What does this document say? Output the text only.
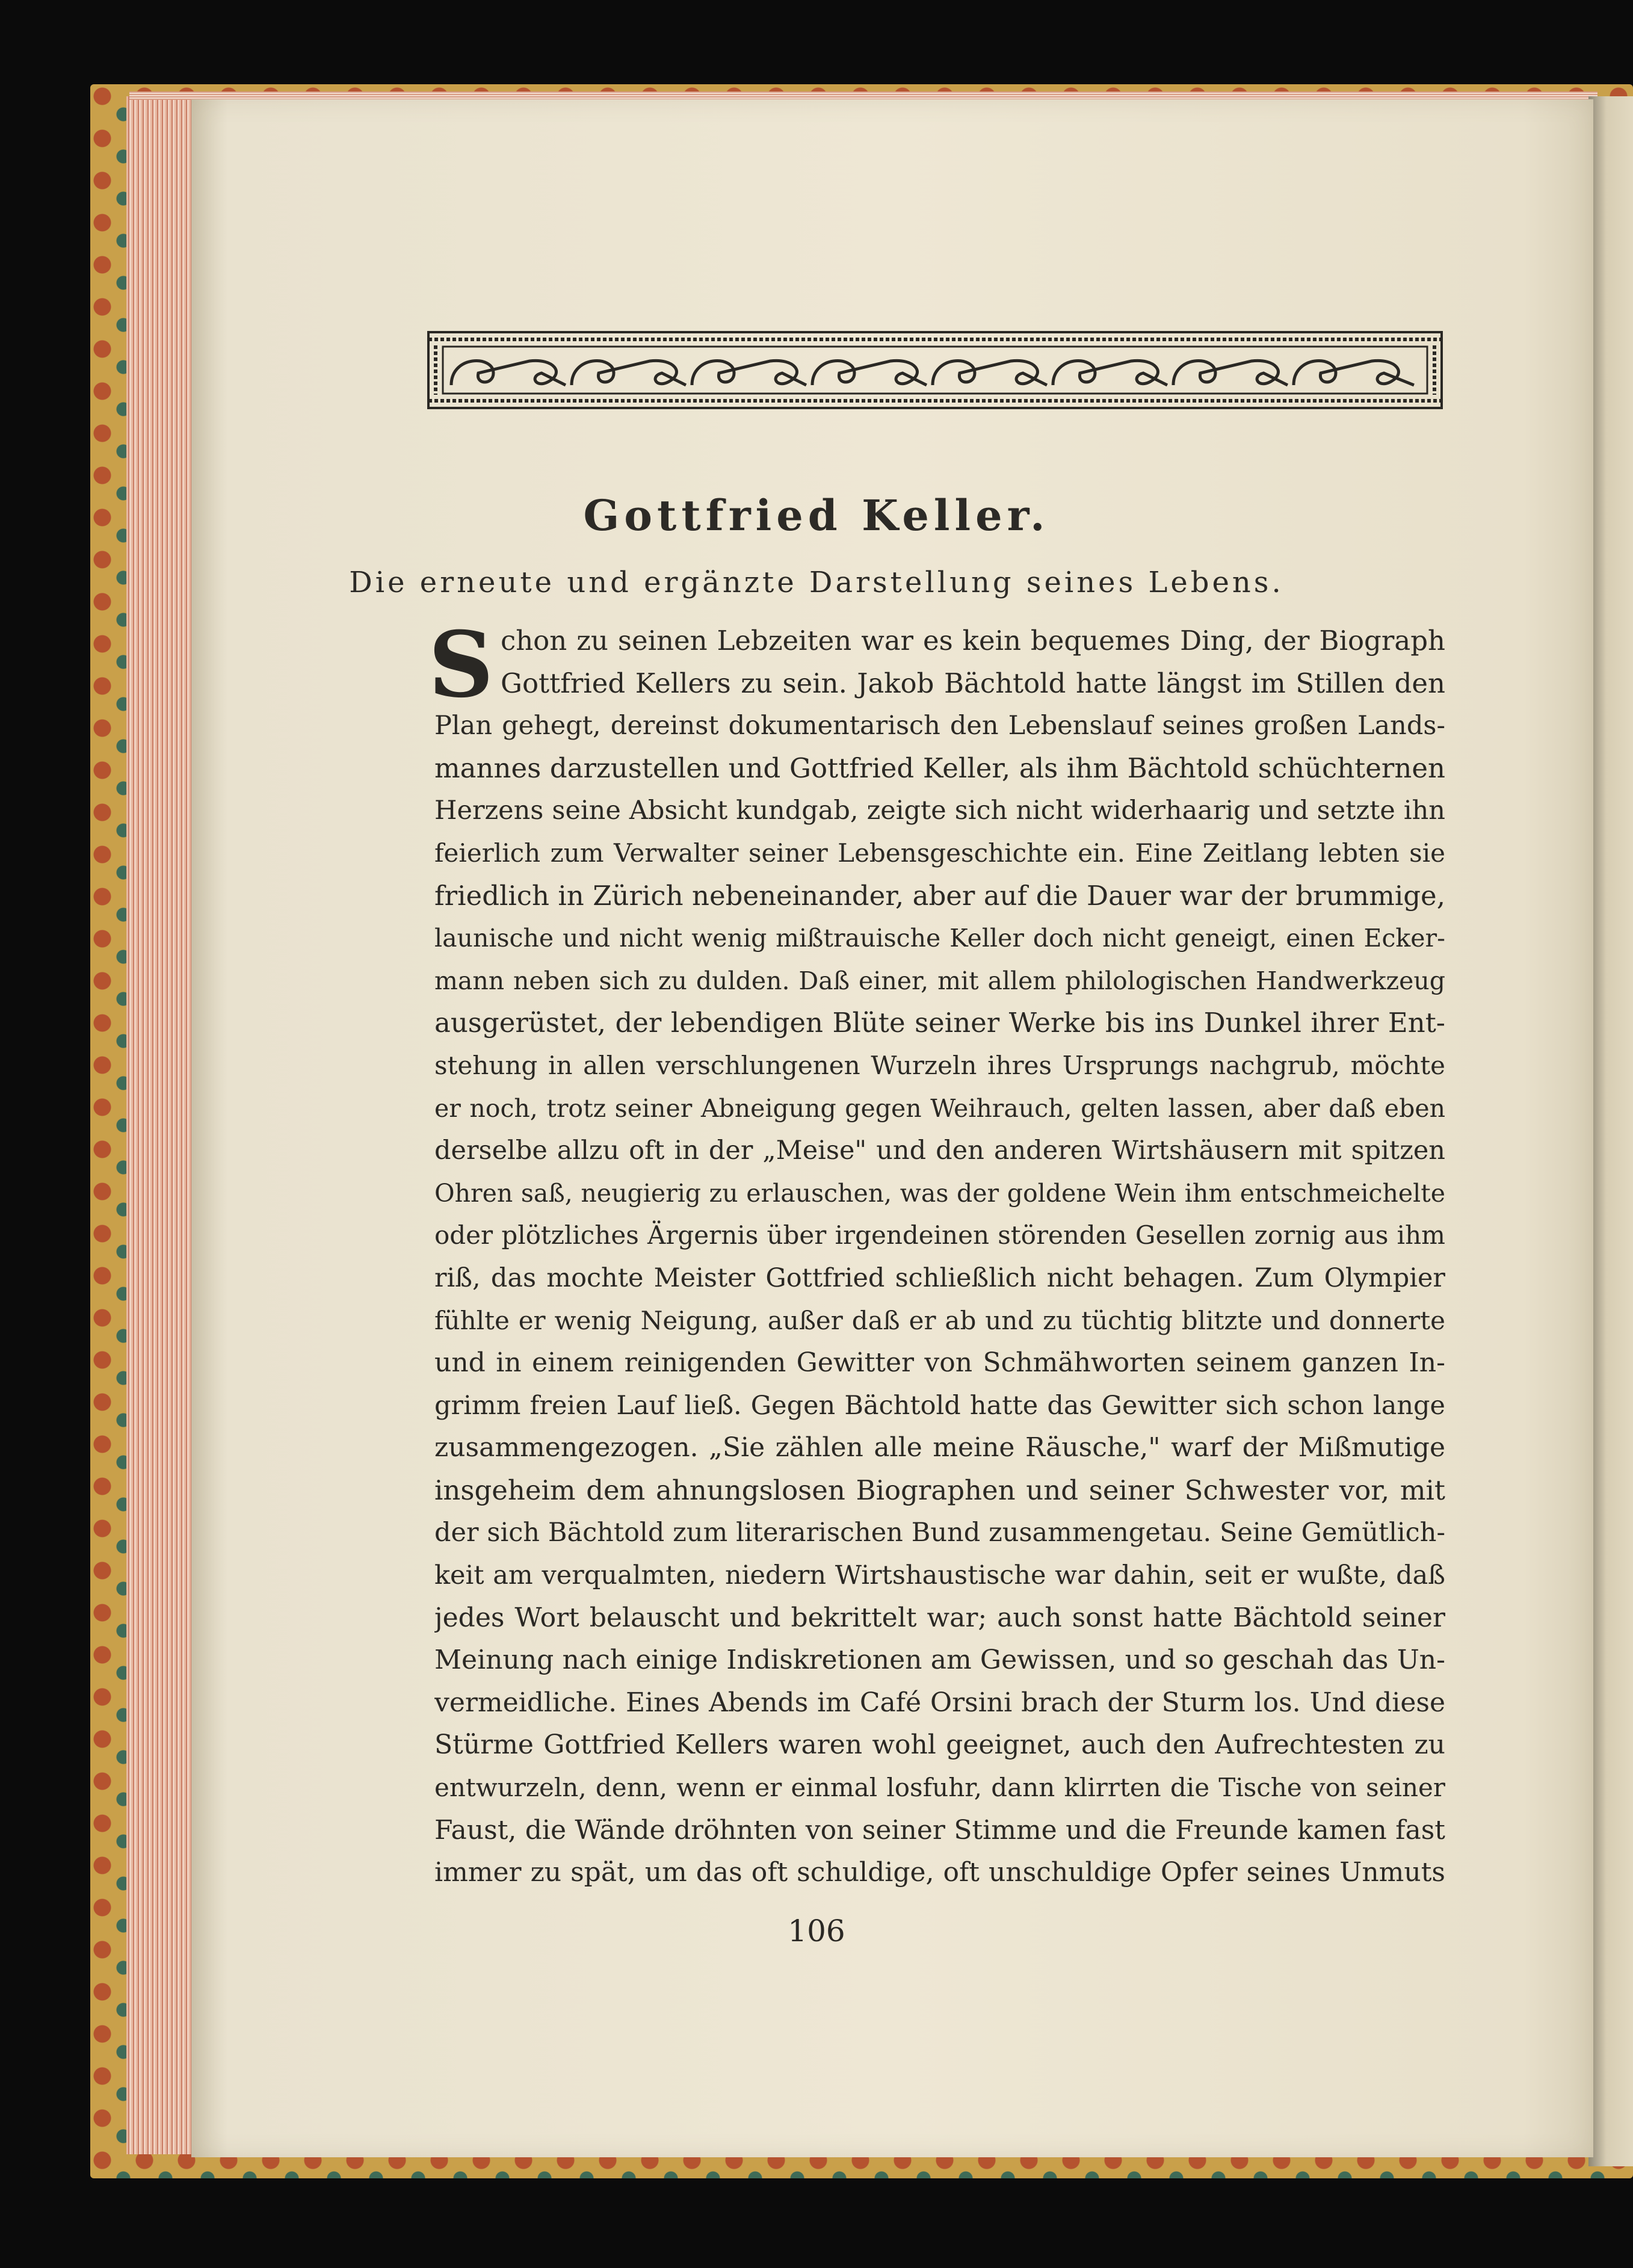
Gottfried Keller.
Die erneute und ergänzte Darstellung seines Lebens.
S chon zu seinen Lebzeiten war es kein bequemes Ding, der Biograph
Gottfried Kellers zu sein. Jakob Bächtold hatte längst im Stillen den
Plan gehegt, dereinst dokumentarisch den Lebenslauf seines großen Lands-
mannes darzustellen und Gottfried Keller, als ihm Bächtold schüchternen
Herzens seine Absicht kundgab, zeigte sich nicht widerhaarig und setzte ihn
feierlich zum Verwalter seiner Lebensgeschichte ein. Eine Zeitlang lebten sie
friedlich in Zürich nebeneinander, aber auf die Dauer war der brummige,
launische und nicht wenig mißtrauische Keller doch nicht geneigt, einen Ecker-
mann neben sich zu dulden. Daß einer, mit allem philologischen Handwerkzeug
ausgerüstet, der lebendigen Blüte seiner Werke bis ins Dunkel ihrer Ent-
stehung in allen verschlungenen Wurzeln ihres Ursprungs nachgrub, möchte
er noch, trotz seiner Abneigung gegen Weihrauch, gelten lassen, aber daß eben
derselbe allzu oft in der „Meise" und den anderen Wirtshäusern mit spitzen
Ohren saß, neugierig zu erlauschen, was der goldene Wein ihm entschmeichelte
oder plötzliches Ärgernis über irgendeinen störenden Gesellen zornig aus ihm
riß, das mochte Meister Gottfried schließlich nicht behagen. Zum Olympier
fühlte er wenig Neigung, außer daß er ab und zu tüchtig blitzte und donnerte
und in einem reinigenden Gewitter von Schmähworten seinem ganzen In-
grimm freien Lauf ließ. Gegen Bächtold hatte das Gewitter sich schon lange
zusammengezogen. „Sie zählen alle meine Räusche," warf der Mißmutige
insgeheim dem ahnungslosen Biographen und seiner Schwester vor, mit
der sich Bächtold zum literarischen Bund zusammengetau. Seine Gemütlich-
keit am verqualmten, niedern Wirtshaustische war dahin, seit er wußte, daß
jedes Wort belauscht und bekrittelt war; auch sonst hatte Bächtold seiner
Meinung nach einige Indiskretionen am Gewissen, und so geschah das Un-
vermeidliche. Eines Abends im Café Orsini brach der Sturm los. Und diese
Stürme Gottfried Kellers waren wohl geeignet, auch den Aufrechtesten zu
entwurzeln, denn, wenn er einmal losfuhr, dann klirrten die Tische von seiner
Faust, die Wände dröhnten von seiner Stimme und die Freunde kamen fast
immer zu spät, um das oft schuldige, oft unschuldige Opfer seines Unmuts
106
